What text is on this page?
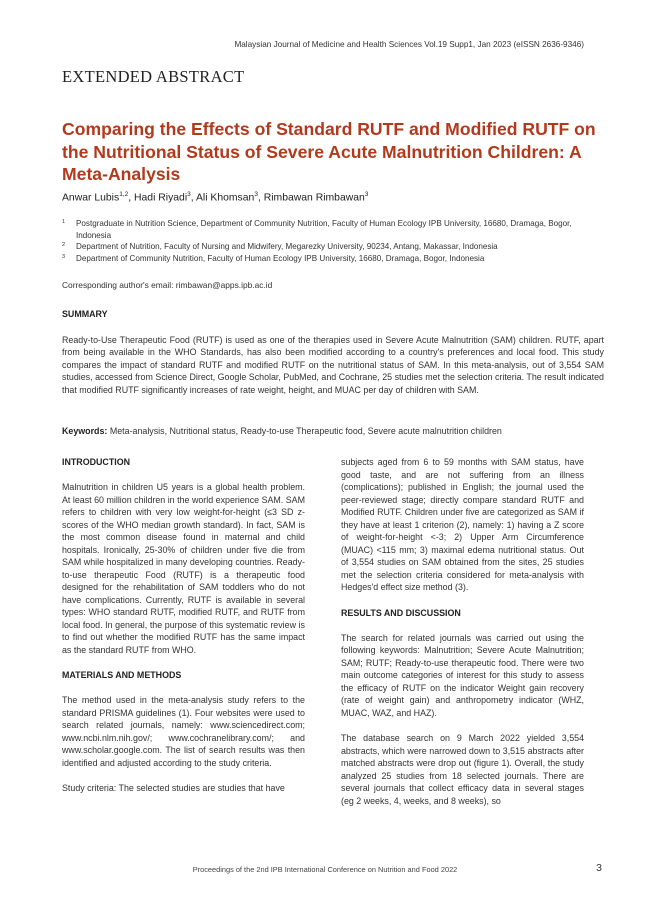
Malaysian Journal of Medicine and Health Sciences Vol.19 Supp1, Jan 2023 (eISSN 2636-9346)
EXTENDED ABSTRACT
Comparing the Effects of Standard RUTF and Modified RUTF on the Nutritional Status of Severe Acute Malnutrition Children: A Meta-Analysis
Anwar Lubis$^{1,2}$, Hadi Riyadi$^3$, Ali Khomsan$^3$, Rimbawan Rimbawan$^3$
1 Postgraduate in Nutrition Science, Department of Community Nutrition, Faculty of Human Ecology IPB University, 16680, Dramaga, Bogor, Indonesia
2 Department of Nutrition, Faculty of Nursing and Midwifery, Megarezky University, 90234, Antang, Makassar, Indonesia
3 Department of Community Nutrition, Faculty of Human Ecology IPB University, 16680, Dramaga, Bogor, Indonesia
Corresponding author's email: rimbawan@apps.ipb.ac.id
SUMMARY

Ready-to-Use Therapeutic Food (RUTF) is used as one of the therapies used in Severe Acute Malnutrition (SAM) children. RUTF, apart from being available in the WHO Standards, has also been modified according to a country's preferences and local food. This study compares the impact of standard RUTF and modified RUTF on the nutritional status of SAM. In this meta-analysis, out of 3,554 SAM studies, accessed from Science Direct, Google Scholar, PubMed, and Cochrane, 25 studies met the selection criteria. The result indicated that modified RUTF significantly increases of rate weight, height, and MUAC per day of children with SAM.

Keywords: Meta-analysis, Nutritional status, Ready-to-use Therapeutic food, Severe acute malnutrition children
INTRODUCTION

Malnutrition in children U5 years is a global health problem. At least 60 million children in the world experience SAM. SAM refers to children with very low weight-for-height (≤3 SD z-scores of the WHO median growth standard). In fact, SAM is the most common disease found in maternal and child hospitals. Ironically, 25-30% of children under five die from SAM while hospitalized in many developing countries. Ready-to-use therapeutic Food (RUTF) is a therapeutic food designed for the rehabilitation of SAM toddlers who do not have complications. Currently, RUTF is available in several types: WHO standard RUTF, modified RUTF, and RUTF from local food. In general, the purpose of this systematic review is to find out whether the modified RUTF has the same impact as the standard RUTF from WHO.

MATERIALS AND METHODS

The method used in the meta-analysis study refers to the standard PRISMA guidelines (1). Four websites were used to search related journals, namely: www.sciencedirect.com; www.ncbi.nlm.nih.gov/; www.cochranelibrary.com/; and www.scholar.google.com. The list of search results was then identified and adjusted according to the study criteria.

Study criteria: The selected studies are studies that have

subjects aged from 6 to 59 months with SAM status, have good taste, and are not suffering from an illness (complications); published in English; the journal used the peer-reviewed stage; directly compare standard RUTF and Modified RUTF. Children under five are categorized as SAM if they have at least 1 criterion (2), namely: 1) having a Z score of weight-for-height <-3; 2) Upper Arm Circumference (MUAC) <115 mm; 3) maximal edema nutritional status. Out of 3,554 studies on SAM obtained from the sites, 25 studies met the selection criteria considered for meta-analysis with Hedges'd effect size method (3).

RESULTS AND DISCUSSION

The search for related journals was carried out using the following keywords: Malnutrition; Severe Acute Malnutrition; SAM; RUTF; Ready-to-use therapeutic food. There were two main outcome categories of interest for this study to assess the efficacy of RUTF on the indicator Weight gain recovery (rate of weight gain) and anthropometry indicator (WHZ, MUAC, WAZ, and HAZ).

The database search on 9 March 2022 yielded 3,554 abstracts, which were narrowed down to 3,515 abstracts after matched abstracts were drop out (figure 1). Overall, the study analyzed 25 studies from 18 selected journals. There are several journals that collect efficacy data in several stages (eg 2 weeks, 4, weeks, and 8 weeks), so

Proceedings of the 2nd IPB International Conference on Nutrition and Food 2022	3
